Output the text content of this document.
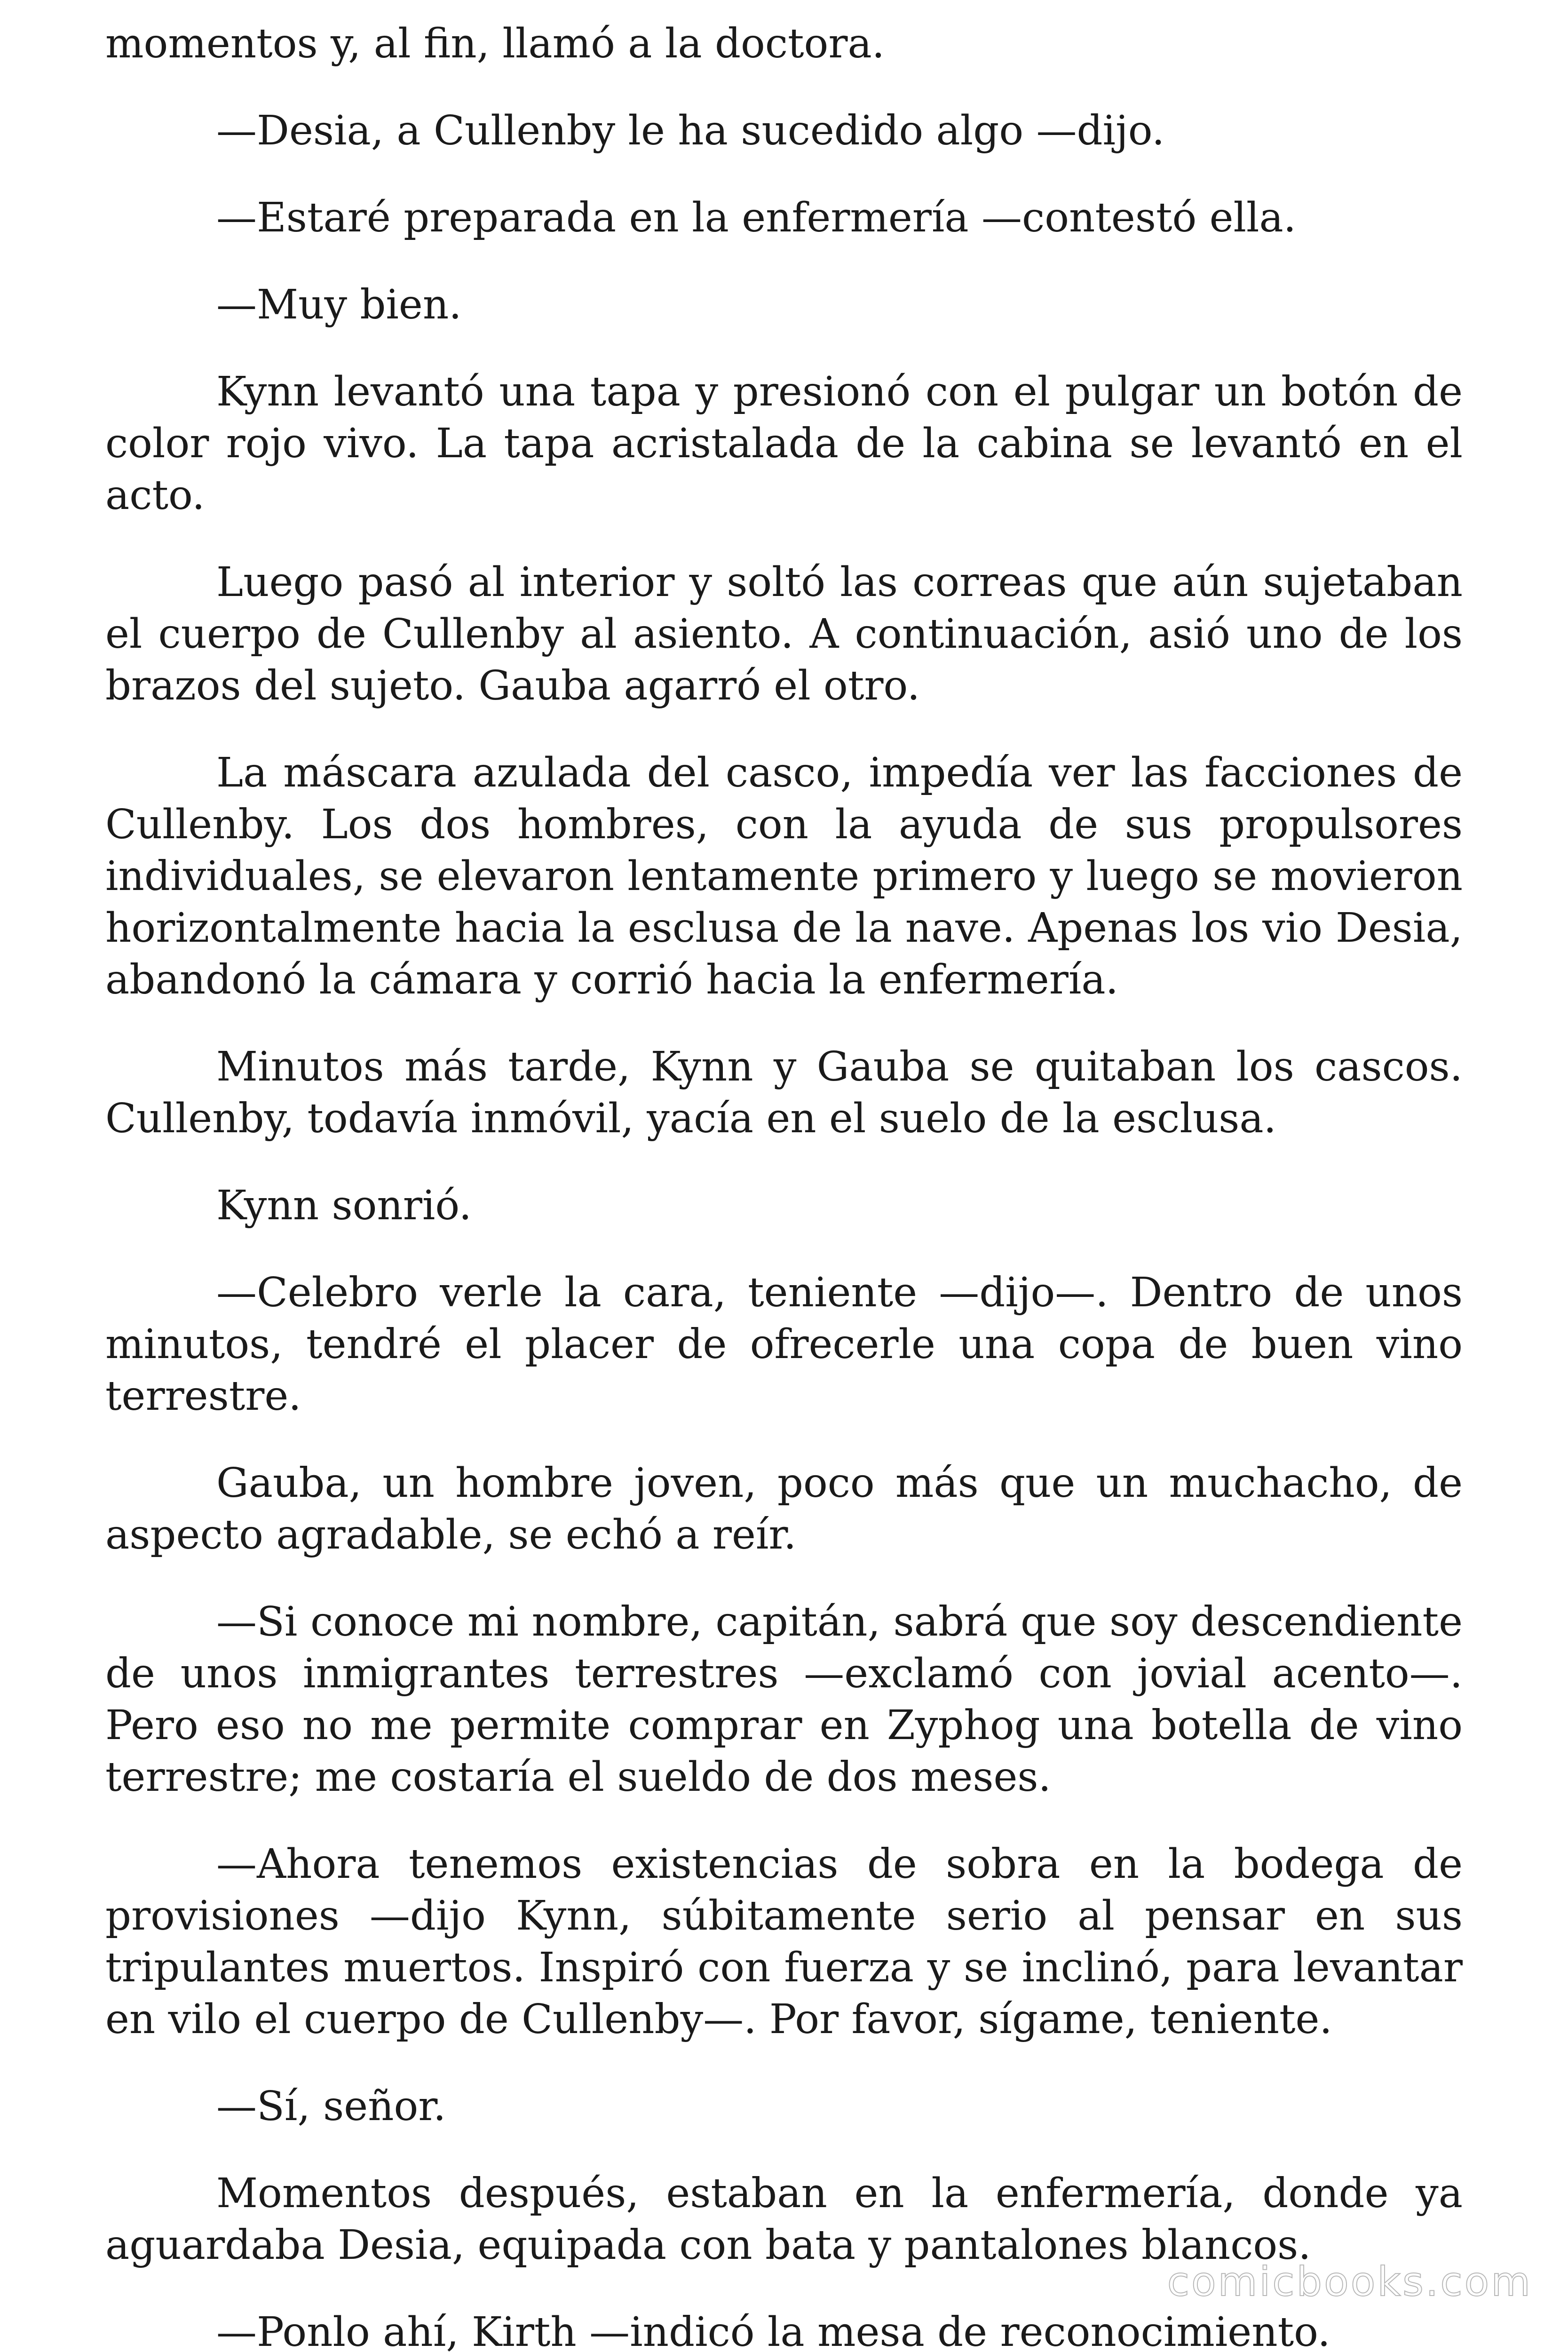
momentos y, al fin, llamó a la doctora.

—Desia, a Cullenby le ha sucedido algo —dijo.

—Estaré preparada en la enfermería —contestó ella.

—Muy bien.

Kynn levantó una tapa y presionó con el pulgar un botón de color rojo vivo. La tapa acristalada de la cabina se levantó en el acto.

Luego pasó al interior y soltó las correas que aún sujetaban el cuerpo de Cullenby al asiento. A continuación, asió uno de los brazos del sujeto. Gauba agarró el otro.

La máscara azulada del casco, impedía ver las facciones de Cullenby. Los dos hombres, con la ayuda de sus propulsores individuales, se elevaron lentamente primero y luego se movieron horizontalmente hacia la esclusa de la nave. Apenas los vio Desia, abandonó la cámara y corrió hacia la enfermería.

Minutos más tarde, Kynn y Gauba se quitaban los cascos. Cullenby, todavía inmóvil, yacía en el suelo de la esclusa.

Kynn sonrió.

—Celebro verle la cara, teniente —dijo—. Dentro de unos minutos, tendré el placer de ofrecerle una copa de buen vino terrestre.

Gauba, un hombre joven, poco más que un muchacho, de aspecto agradable, se echó a reír.

—Si conoce mi nombre, capitán, sabrá que soy descendiente de unos inmigrantes terrestres —exclamó con jovial acento—. Pero eso no me permite comprar en Zyphog una botella de vino terrestre; me costaría el sueldo de dos meses.

—Ahora tenemos existencias de sobra en la bodega de provisiones —dijo Kynn, súbitamente serio al pensar en sus tripulantes muertos. Inspiró con fuerza y se inclinó, para levantar en vilo el cuerpo de Cullenby—. Por favor, sígame, teniente.

—Sí, señor.

Momentos después, estaban en la enfermería, donde ya aguardaba Desia, equipada con bata y pantalones blancos.

—Ponlo ahí, Kirth —indicó la mesa de reconocimiento.

comicbooks.com
